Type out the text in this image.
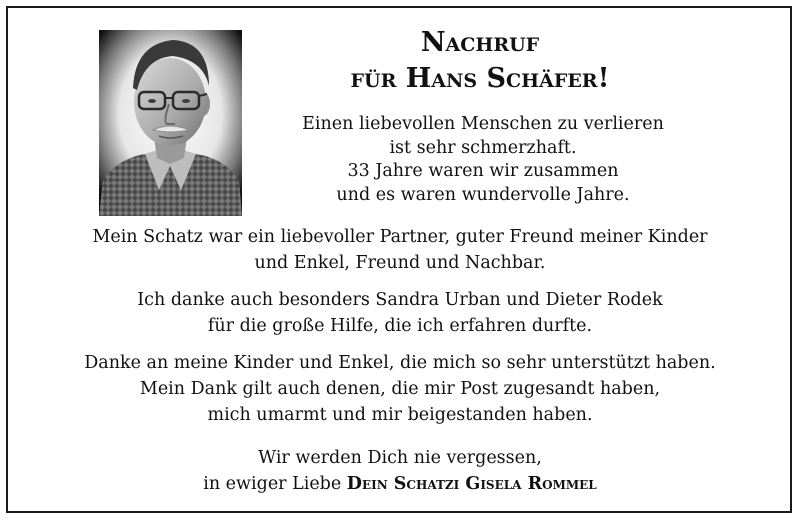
Nachruf
für Hans Schäfer!
Einen liebevollen Menschen zu verlieren
ist sehr schmerzhaft.
33 Jahre waren wir zusammen
und es waren wundervolle Jahre.
Mein Schatz war ein liebevoller Partner, guter Freund meiner Kinder
und Enkel, Freund und Nachbar.
Ich danke auch besonders Sandra Urban und Dieter Rodek
für die große Hilfe, die ich erfahren durfte.
Danke an meine Kinder und Enkel, die mich so sehr unterstützt haben.
Mein Dank gilt auch denen, die mir Post zugesandt haben,
mich umarmt und mir beigestanden haben.
Wir werden Dich nie vergessen,
in ewiger Liebe Dein Schatzi Gisela Rommel
